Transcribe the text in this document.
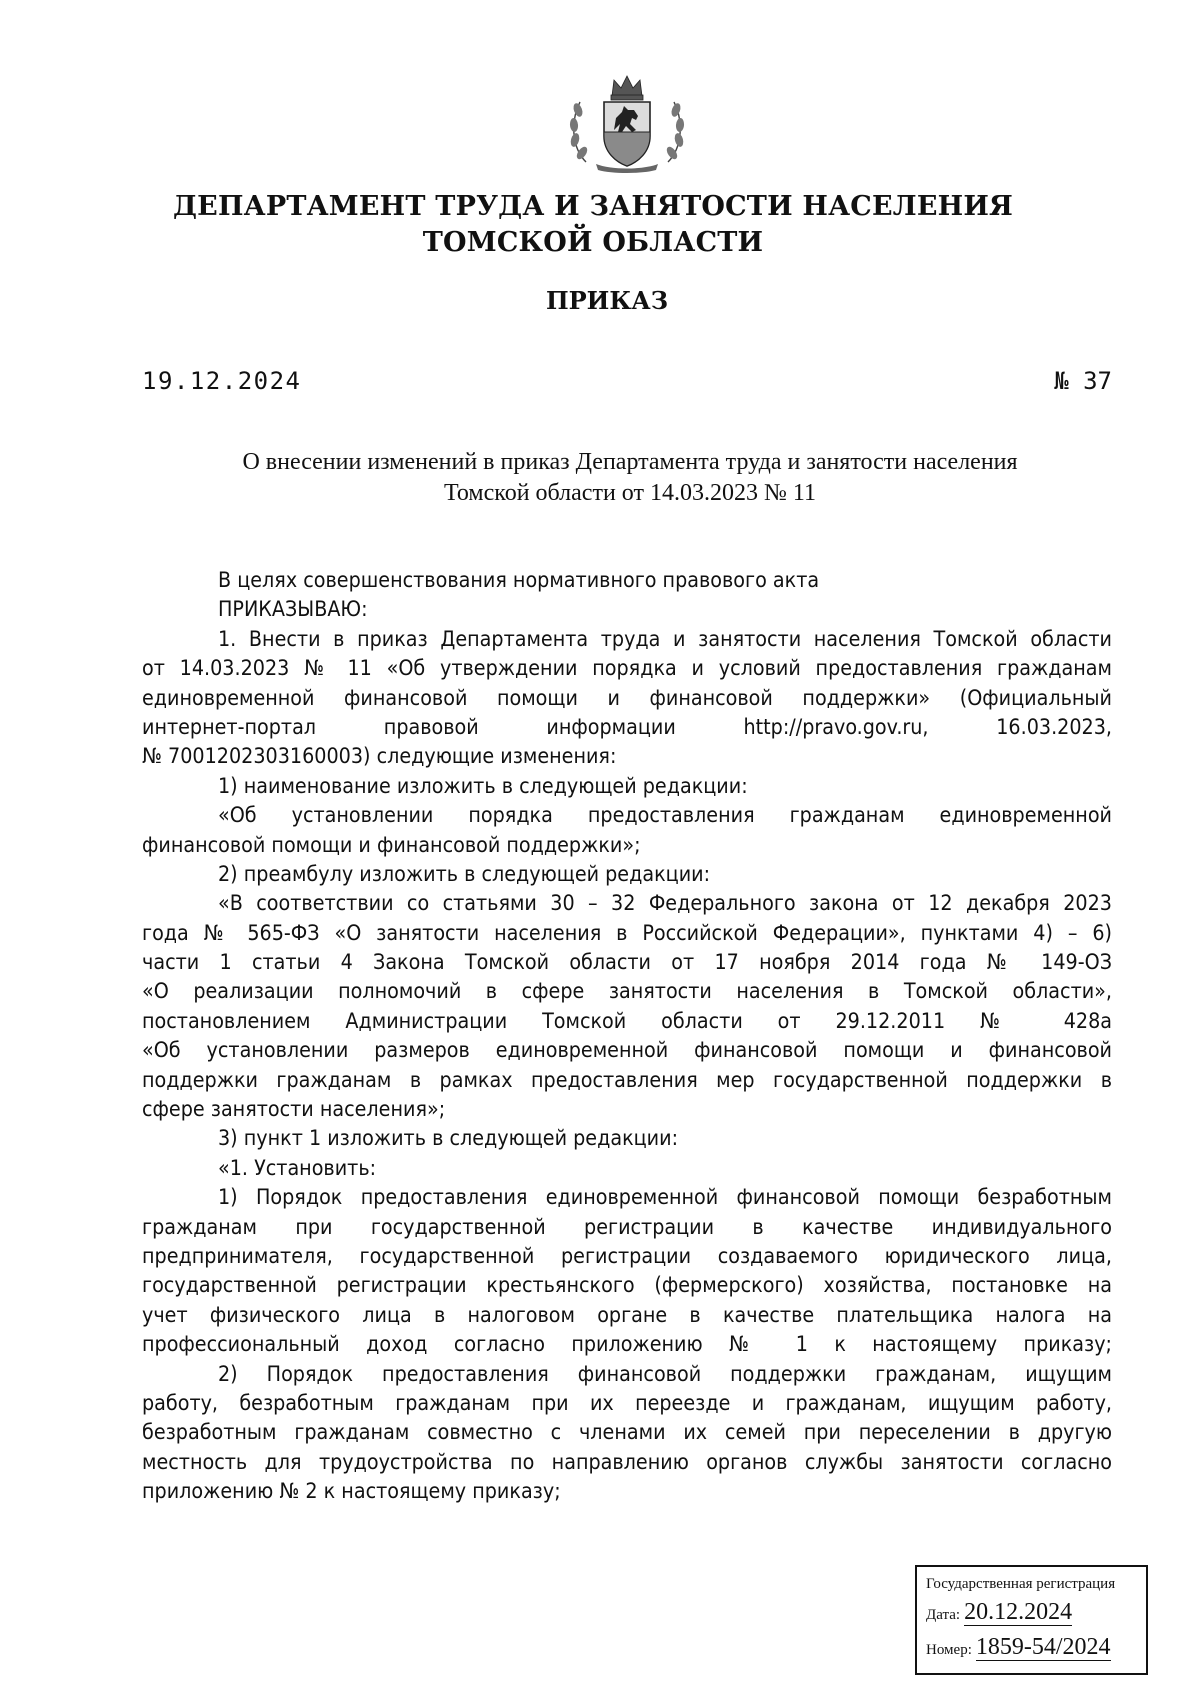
ДЕПАРТАМЕНТ ТРУДА И ЗАНЯТОСТИ НАСЕЛЕНИЯ
ТОМСКОЙ ОБЛАСТИ
ПРИКАЗ
19.12.2024	№ 37
О внесении изменений в приказ Департамента труда и занятости населения
Томской области от 14.03.2023 № 11
В целях совершенствования нормативного правового акта
ПРИКАЗЫВАЮ:
1. Внести в приказ Департамента труда и занятости населения Томской области
от 14.03.2023 № 11 «Об утверждении порядка и условий предоставления гражданам
единовременной финансовой помощи и финансовой поддержки» (Официальный
интернет-портал правовой информации http://pravo.gov.ru, 16.03.2023,
№ 7001202303160003) следующие изменения:
1) наименование изложить в следующей редакции:
«Об установлении порядка предоставления гражданам единовременной
финансовой помощи и финансовой поддержки»;
2) преамбулу изложить в следующей редакции:
«В соответствии со статьями 30 – 32 Федерального закона от 12 декабря 2023
года № 565-ФЗ «О занятости населения в Российской Федерации», пунктами 4) – 6)
части 1 статьи 4 Закона Томской области от 17 ноября 2014 года № 149-ОЗ
«О реализации полномочий в сфере занятости населения в Томской области»,
постановлением Администрации Томской области от 29.12.2011 № 428а
«Об установлении размеров единовременной финансовой помощи и финансовой
поддержки гражданам в рамках предоставления мер государственной поддержки в
сфере занятости населения»;
3) пункт 1 изложить в следующей редакции:
«1. Установить:
1) Порядок предоставления единовременной финансовой помощи безработным
гражданам при государственной регистрации в качестве индивидуального
предпринимателя, государственной регистрации создаваемого юридического лица,
государственной регистрации крестьянского (фермерского) хозяйства, постановке на
учет физического лица в налоговом органе в качестве плательщика налога на
профессиональный доход согласно приложению № 1 к настоящему приказу;
2) Порядок предоставления финансовой поддержки гражданам, ищущим
работу, безработным гражданам при их переезде и гражданам, ищущим работу,
безработным гражданам совместно с членами их семей при переселении в другую
местность для трудоустройства по направлению органов службы занятости согласно
приложению № 2 к настоящему приказу;
Государственная регистрация
Дата: 20.12.2024
Номер: 1859-54/2024
